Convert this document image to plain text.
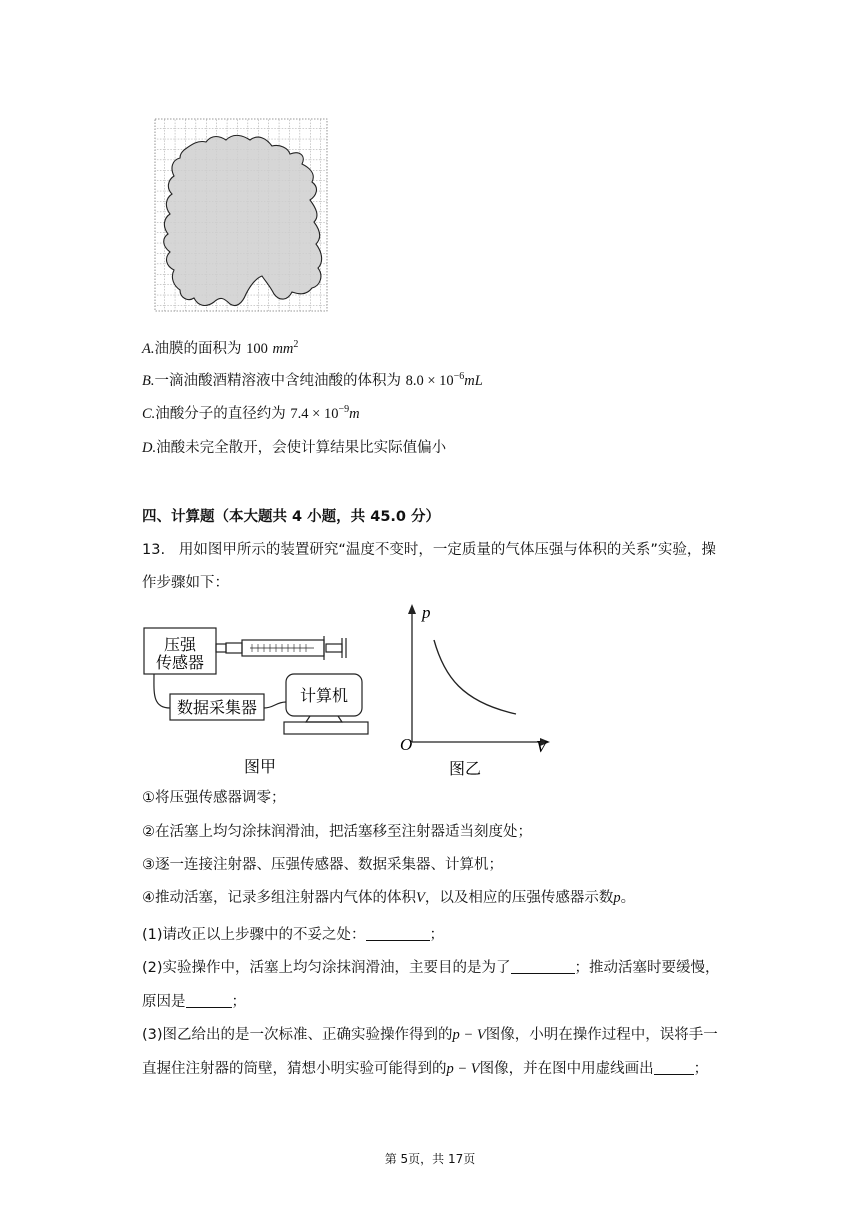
A.油膜的面积为 100 $mm^2$
B.一滴油酸酒精溶液中含纯油酸的体积为 $8.0 \times 10^{-6}mL$
C.油酸分子的直径约为 $7.4 \times 10^{-9}m$
D.油酸未完全散开，会使计算结果比实际值偏小
四、计算题（本大题共 4 小题，共 45.0 分）
13. 用如图甲所示的装置研究“温度不变时，一定质量的气体压强与体积的关系”实验，操
作步骤如下：
压强
传感器
数据采集器
计算机
图甲
p
V
O
图乙
①将压强传感器调零；
②在活塞上均匀涂抹润滑油，把活塞移至注射器适当刻度处；
③逐一连接注射器、压强传感器、数据采集器、计算机；
④推动活塞，记录多组注射器内气体的体积V，以及相应的压强传感器示数p。
(1)请改正以上步骤中的不妥之处：	；
(2)实验操作中，活塞上均匀涂抹润滑油，主要目的是为了	；推动活塞时要缓慢，
原因是	；
(3)图乙给出的是一次标准、正确实验操作得到的p − V图像，小明在操作过程中，误将手一
直握住注射器的筒壁，猜想小明实验可能得到的p − V图像，并在图中用虚线画出	；
第 5页，共 17页
